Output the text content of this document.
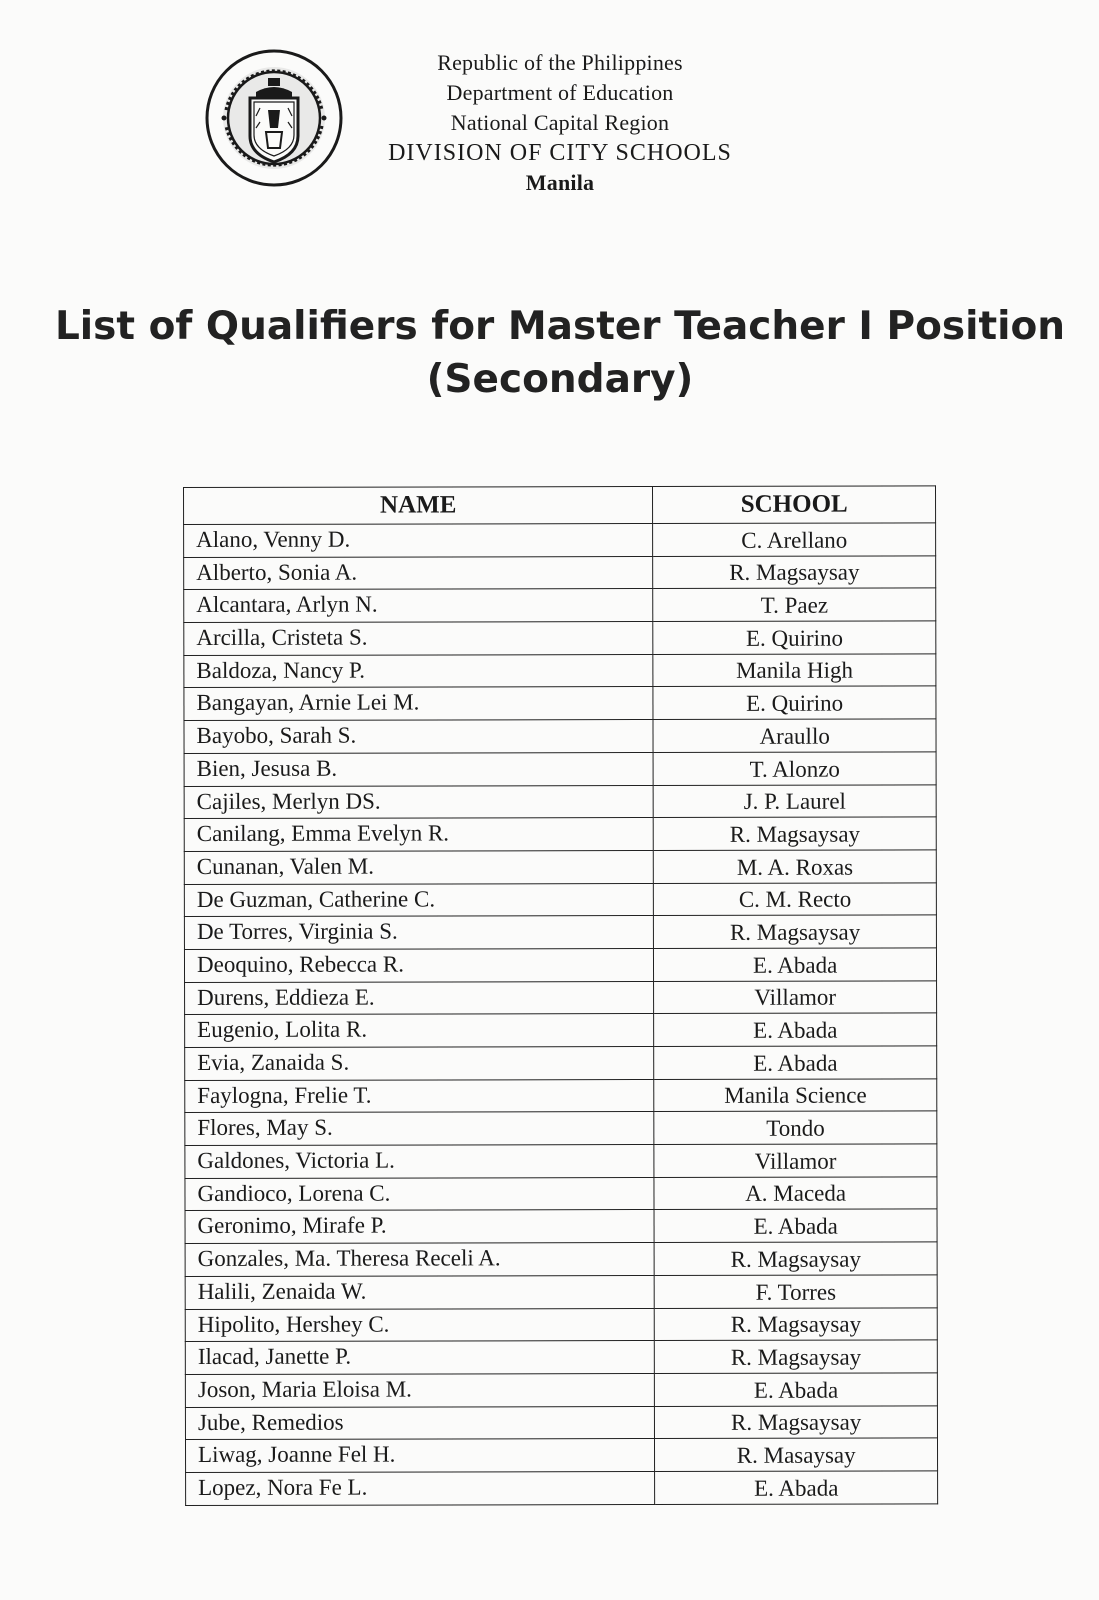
Republic of the Philippines
Department of Education
National Capital Region
DIVISION OF CITY SCHOOLS
Manila
List of Qualifiers for Master Teacher I Position
(Secondary)
NAME	SCHOOL
Alano, Venny D.	C. Arellano
Alberto, Sonia A.	R. Magsaysay
Alcantara, Arlyn N.	T. Paez
Arcilla, Cristeta S.	E. Quirino
Baldoza, Nancy P.	Manila High
Bangayan, Arnie Lei M.	E. Quirino
Bayobo, Sarah S.	Araullo
Bien, Jesusa B.	T. Alonzo
Cajiles, Merlyn DS.	J. P. Laurel
Canilang, Emma Evelyn R.	R. Magsaysay
Cunanan, Valen M.	M. A. Roxas
De Guzman, Catherine C.	C. M. Recto
De Torres, Virginia S.	R. Magsaysay
Deoquino, Rebecca R.	E. Abada
Durens, Eddieza E.	Villamor
Eugenio, Lolita R.	E. Abada
Evia, Zanaida S.	E. Abada
Faylogna, Frelie T.	Manila Science
Flores, May S.	Tondo
Galdones, Victoria L.	Villamor
Gandioco, Lorena C.	A. Maceda
Geronimo, Mirafe P.	E. Abada
Gonzales, Ma. Theresa Receli A.	R. Magsaysay
Halili, Zenaida W.	F. Torres
Hipolito, Hershey C.	R. Magsaysay
Ilacad, Janette P.	R. Magsaysay
Joson, Maria Eloisa M.	E. Abada
Jube, Remedios	R. Magsaysay
Liwag, Joanne Fel H.	R. Masaysay
Lopez, Nora Fe L.	E. Abada
